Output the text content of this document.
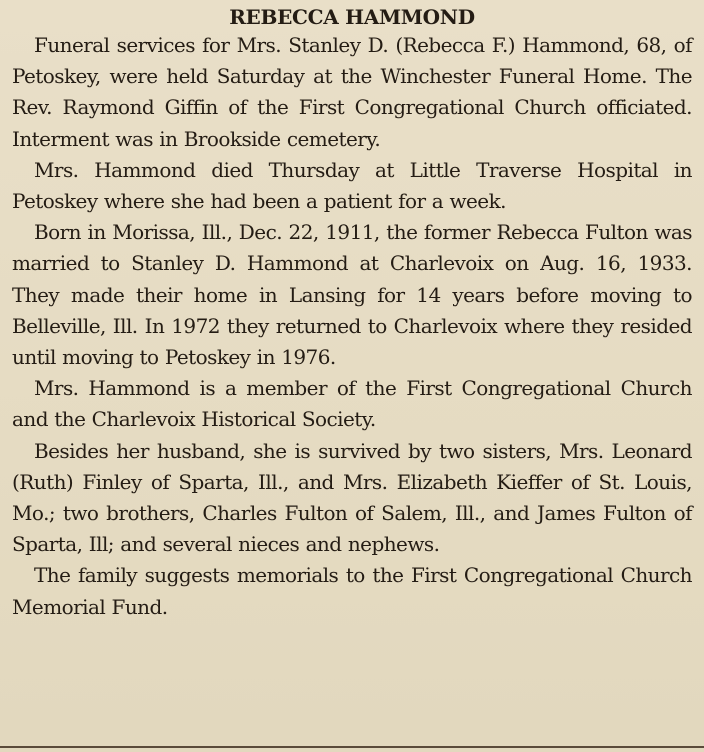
REBECCA HAMMOND

Funeral services for Mrs. Stanley D. (Rebecca F.) Hammond, 68, of Petoskey, were held Saturday at the Winchester Funeral Home. The Rev. Raymond Giffin of the First Congregational Church officiated. Interment was in Brookside cemetery.

Mrs. Hammond died Thursday at Little Traverse Hospital in Petoskey where she had been a patient for a week.

Born in Morissa, Ill., Dec. 22, 1911, the former Rebecca Fulton was married to Stanley D. Hammond at Charlevoix on Aug. 16, 1933. They made their home in Lansing for 14 years before moving to Belleville, Ill. In 1972 they returned to Charlevoix where they resided until moving to Petoskey in 1976.

Mrs. Hammond is a member of the First Congregational Church and the Charlevoix Historical Society.

Besides her husband, she is survived by two sisters, Mrs. Leonard (Ruth) Finley of Sparta, Ill., and Mrs. Elizabeth Kieffer of St. Louis, Mo.; two brothers, Charles Fulton of Salem, Ill., and James Fulton of Sparta, Ill; and several nieces and nephews.

The family suggests memorials to the First Congregational Church Memorial Fund.
